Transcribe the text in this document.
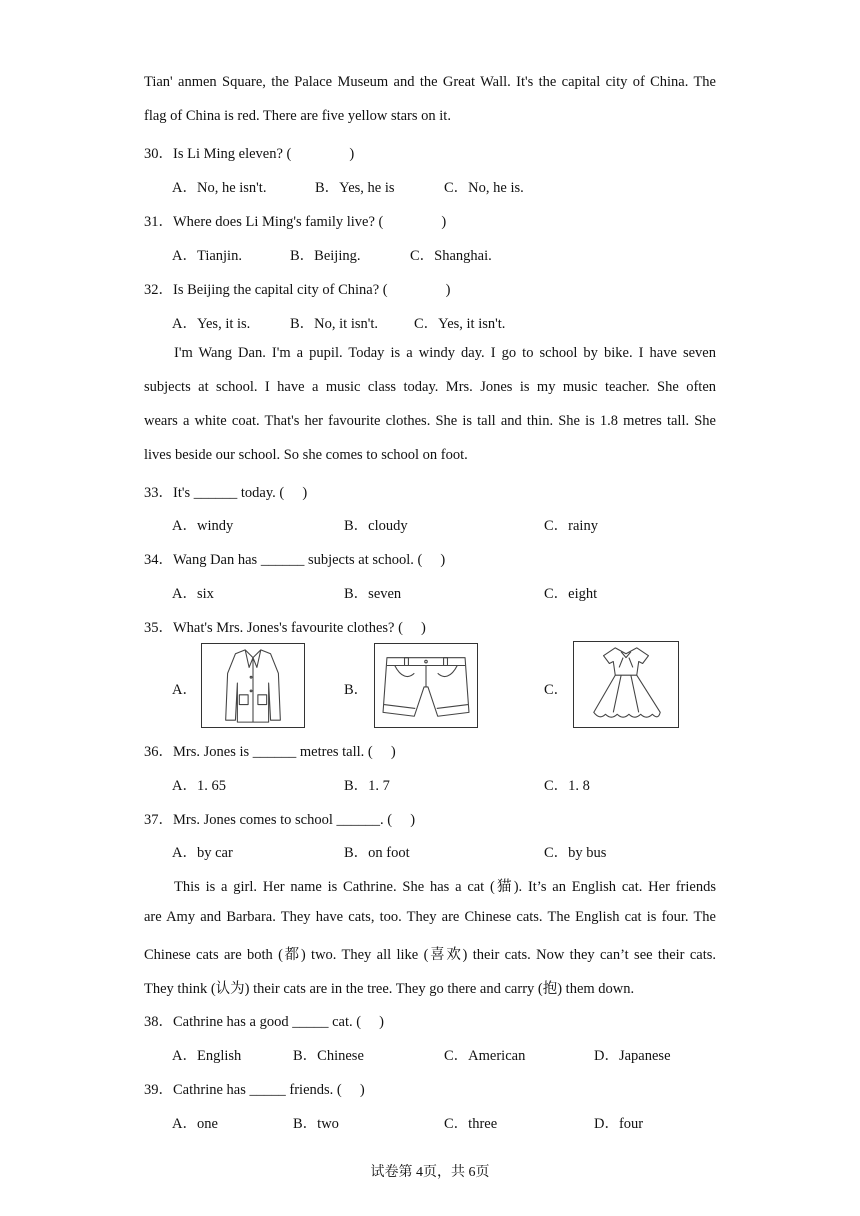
Tian' anmen Square, the Palace Museum and the Great Wall. It's the capital city of China. The
flag of China is red. There are five yellow stars on it.
30．Is Li Ming eleven? (　　　　)
A．No, he isn't.	B．Yes, he is	C．No, he is.
31．Where does Li Ming's family live? (　　　　)
A．Tianjin.	B．Beijing.	C．Shanghai.
32．Is Beijing the capital city of China? (　　　　)
A．Yes, it is.	B．No, it isn't. C．Yes, it isn't.
I'm Wang Dan. I'm a pupil. Today is a windy day. I go to school by bike. I have seven
subjects at school. I have a music class today. Mrs. Jones is my music teacher. She often
wears a white coat. That's her favourite clothes. She is tall and thin. She is 1.8 metres tall. She
lives beside our school. So she comes to school on foot.
33．It's ______ today. (　 )
A．windy	B．cloudy	C．rainy
34．Wang Dan has ______ subjects at school. (　 )
A．six	B．seven	C．eight
35．What's Mrs. Jones's favourite clothes? (　 )
A．	B．	C．
36．Mrs. Jones is ______ metres tall. (　 )
A．1. 65	B．1. 7	C．1. 8
37．Mrs. Jones comes to school ______. (　 )
A．by car	B．on foot	C．by bus
This is a girl. Her name is Cathrine. She has a cat (猫). It’s an English cat. Her friends
are Amy and Barbara. They have cats, too. They are Chinese cats. The English cat is four. The
Chinese cats are both (都) two. They all like (喜欢) their cats. Now they can’t see their cats.
They think (认为) their cats are in the tree. They go there and carry (抱) them down.
38．Cathrine has a good _____ cat. (　 )
A．English	B．Chinese	C．American	D．Japanese
39．Cathrine has _____ friends. (　 )
A．one	B．two	C．three	D．four
试卷第 4页，共 6页
